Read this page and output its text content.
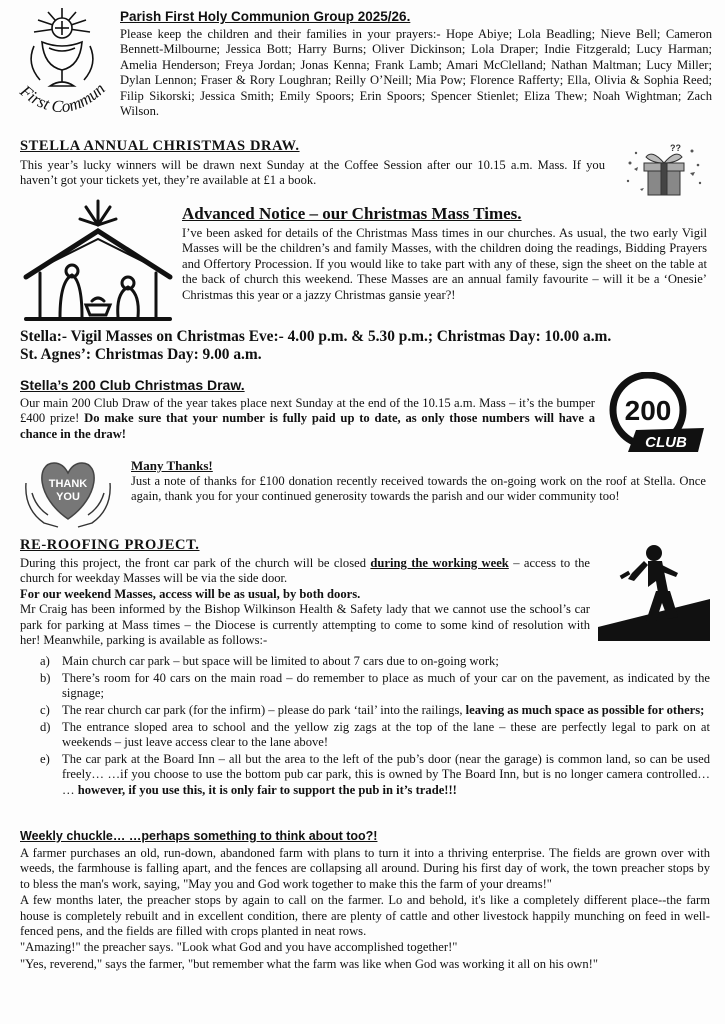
First Commun
Parish First Holy Communion Group 2025/26.

Please keep the children and their families in your prayers:- Hope Abiye; Lola Beadling; Nieve Bell; Cameron Bennett-Milbourne; Jessica Bott; Harry Burns; Oliver Dickinson; Lola Draper; Indie Fitzgerald; Lucy Harman; Amelia Henderson; Freya Jordan; Jonas Kenna; Frank Lamb; Amari McClelland; Nathan Maltman; Lucy Miller; Dylan Lennon; Fraser & Rory Loughran; Reilly O’Neill; Mia Pow; Florence Rafferty; Ella, Olivia & Sophia Reed; Filip Sikorski; Jessica Smith; Emily Spoors; Erin Spoors; Spencer Stienlet; Eliza Thew; Noah Wightman; Zach Wilson.

STELLA ANNUAL CHRISTMAS DRAW.

This year’s lucky winners will be drawn next Sunday at the Coffee Session after our 10.15 a.m. Mass. If you haven’t got your tickets yet, they’re available at £1 a book.

??
Advanced Notice – our Christmas Mass Times.

I’ve been asked for details of the Christmas Mass times in our churches. As usual, the two early Vigil Masses will be the children’s and family Masses, with the children doing the readings, Bidding Prayers and Offertory Procession. If you would like to take part with any of these, sign the sheet on the table at the back of church this weekend. These Masses are an annual family favourite – will it be a ‘Onesie’ Christmas this year or a jazzy Christmas gansie year?!

Stella:- Vigil Masses on Christmas Eve:- 4.00 p.m. & 5.30 p.m.; Christmas Day: 10.00 a.m.
St. Agnes’: Christmas Day: 9.00 a.m.
Stella’s 200 Club Christmas Draw.

Our main 200 Club Draw of the year takes place next Sunday at the end of the 10.15 a.m. Mass – it’s the bumper £400 prize! Do make sure that your number is fully paid up to date, as only those numbers will have a chance in the draw!

200
CLUB
THANK
YOU
Many Thanks!

Just a note of thanks for £100 donation recently received towards the on-going work on the roof at Stella. Once again, thank you for your continued generosity towards the parish and our wider community too!

RE-ROOFING PROJECT.

During this project, the front car park of the church will be closed during the working week – access to the church for weekday Masses will be via the side door.

For our weekend Masses, access will be as usual, by both doors.

Mr Craig has been informed by the Bishop Wilkinson Health & Safety lady that we cannot use the school’s car park for parking at Mass times – the Diocese is currently attempting to come to some kind of resolution with her! Meanwhile, parking is available as follows:-

a) Main church car park – but space will be limited to about 7 cars due to on-going work;
b) There’s room for 40 cars on the main road – do remember to place as much of your car on the pavement, as indicated by the signage;
c) The rear church car park (for the infirm) – please do park ‘tail’ into the railings, leaving as much space as possible for others;
d) The entrance sloped area to school and the yellow zig zags at the top of the lane – these are perfectly legal to park on at weekends – just leave access clear to the lane above!
e) The car park at the Board Inn – all but the area to the left of the pub’s door (near the garage) is common land, so can be used freely… …if you choose to use the bottom pub car park, this is owned by The Board Inn, but is no longer camera controlled… … however, if you use this, it is only fair to support the pub in it’s trade!!!
Weekly chuckle… …perhaps something to think about too?!

A farmer purchases an old, run-down, abandoned farm with plans to turn it into a thriving enterprise. The fields are grown over with weeds, the farmhouse is falling apart, and the fences are collapsing all around. During his first day of work, the town preacher stops by to bless the man's work, saying, "May you and God work together to make this the farm of your dreams!"

A few months later, the preacher stops by again to call on the farmer. Lo and behold, it's like a completely different place--the farm house is completely rebuilt and in excellent condition, there are plenty of cattle and other livestock happily munching on feed in well-fenced pens, and the fields are filled with crops planted in neat rows.

"Amazing!" the preacher says. "Look what God and you have accomplished together!"

"Yes, reverend," says the farmer, "but remember what the farm was like when God was working it all on his own!"
